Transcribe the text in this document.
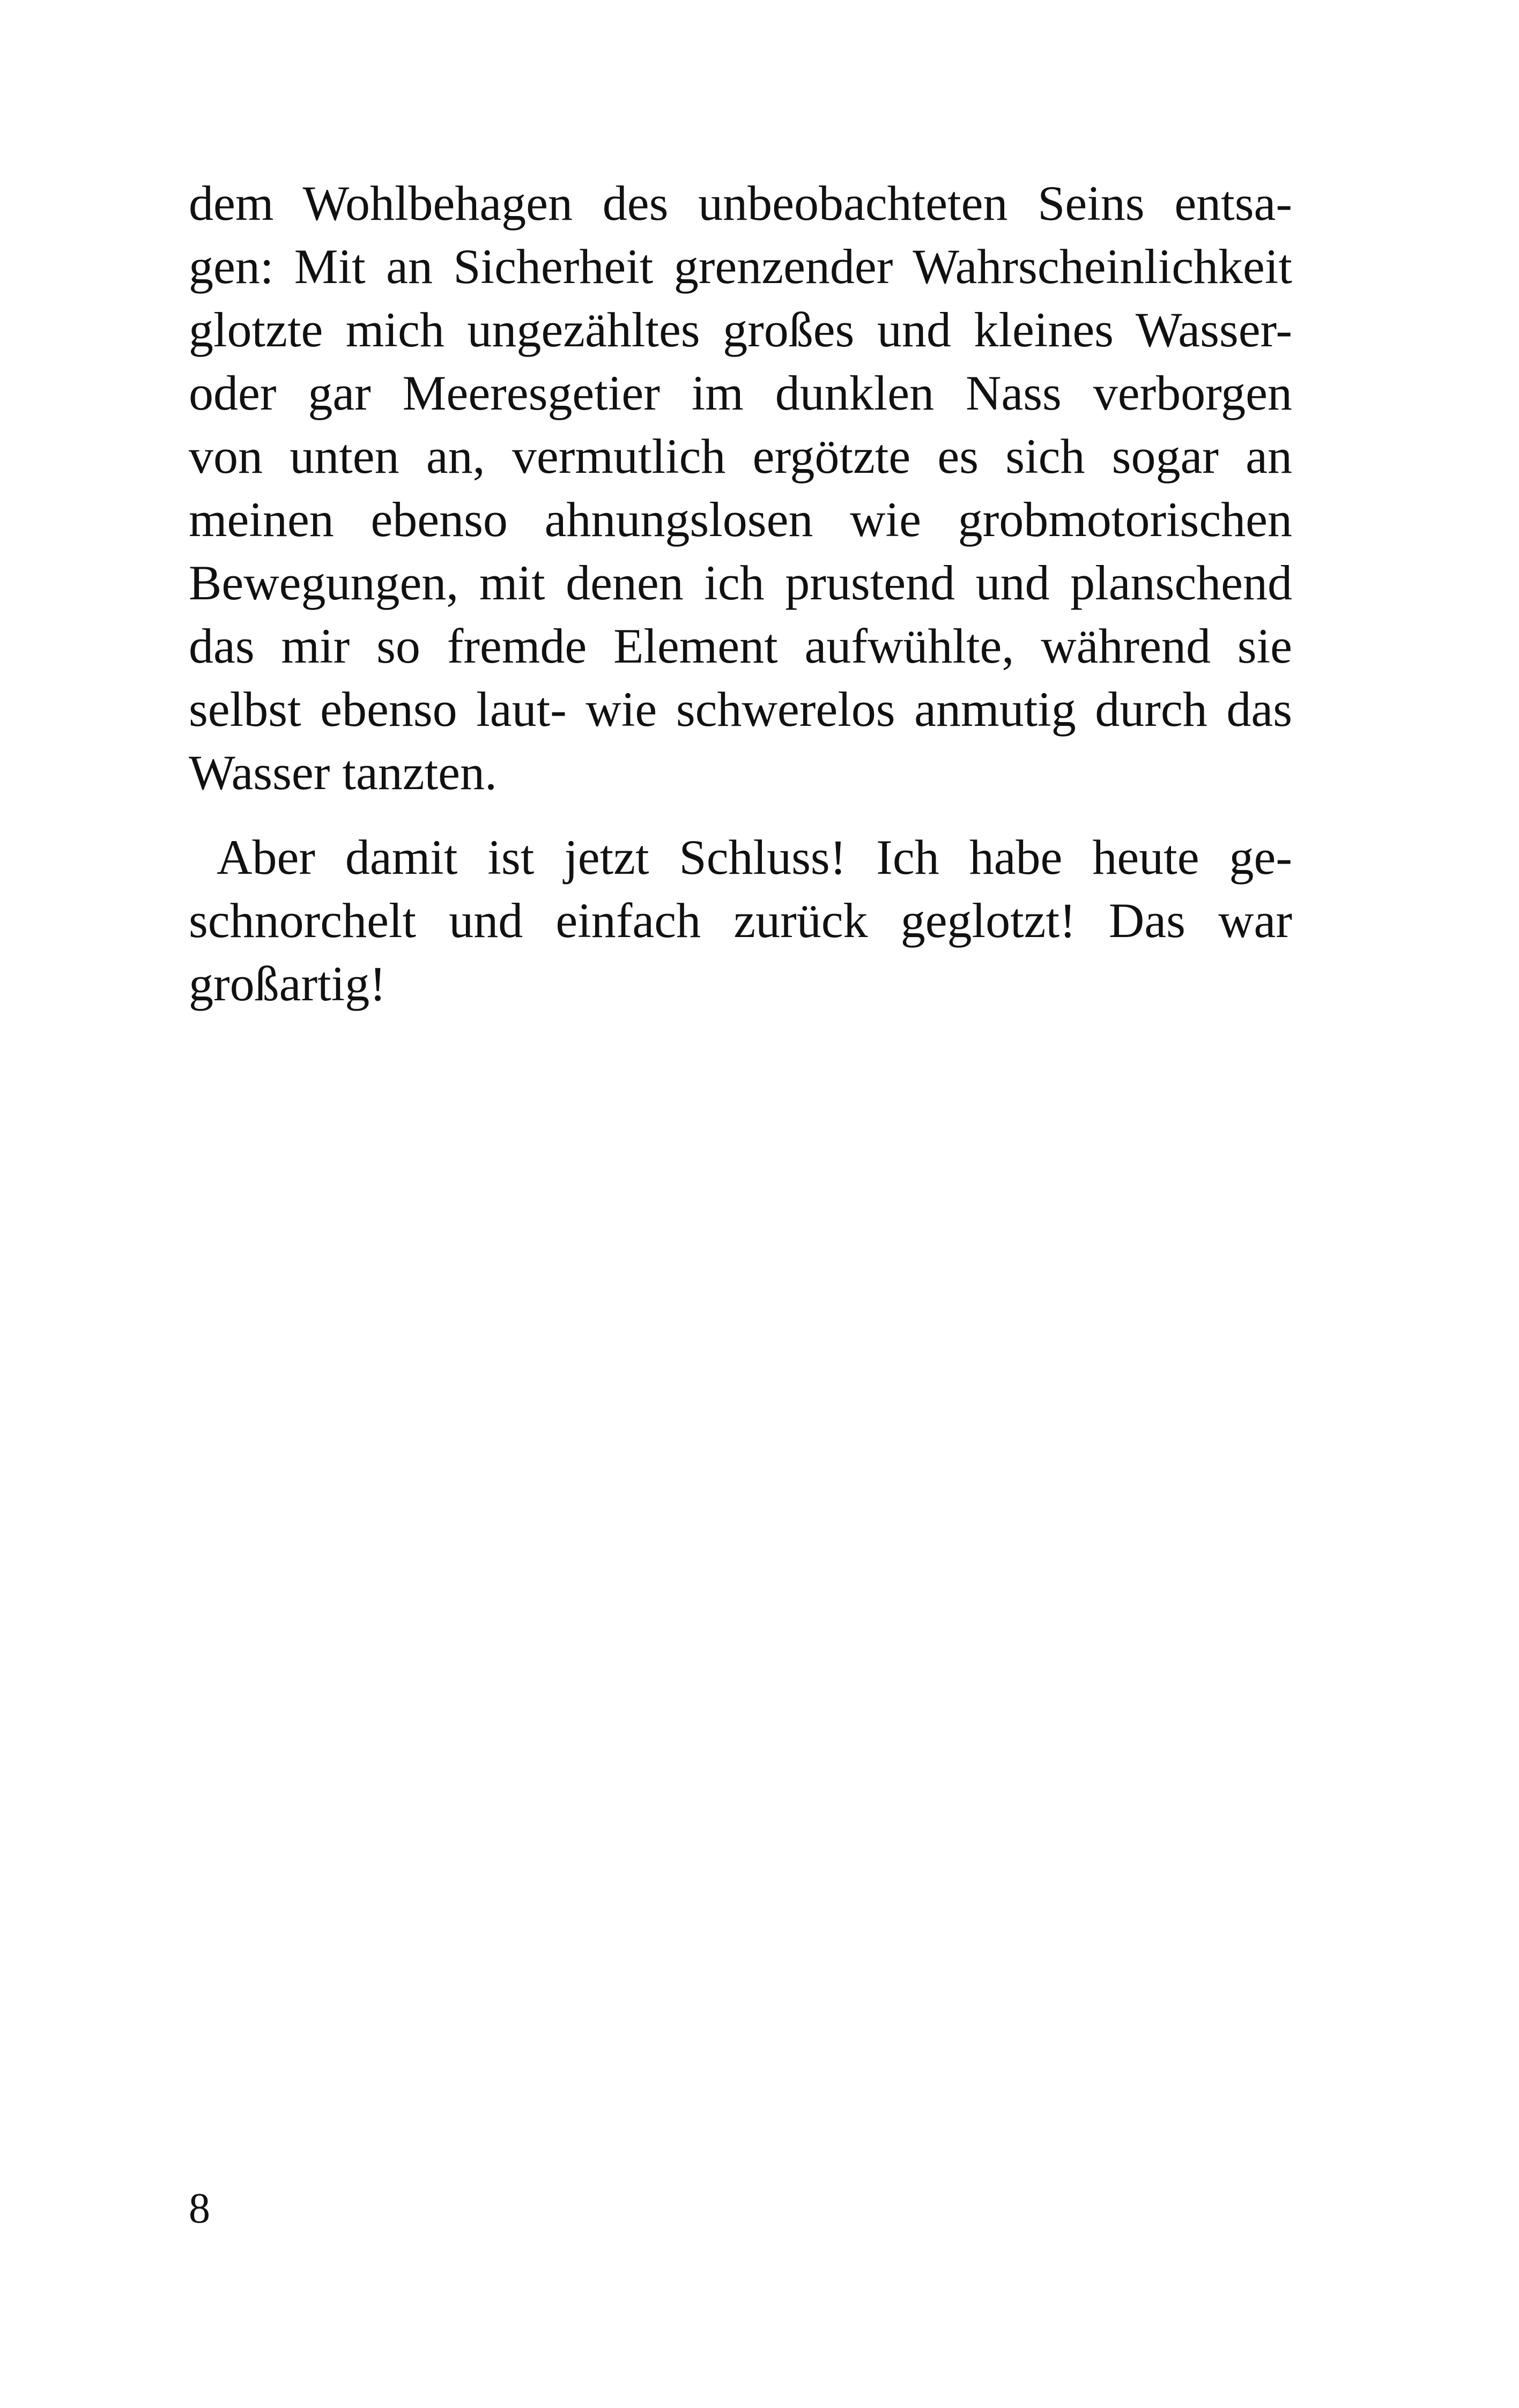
dem Wohlbehagen des unbeobachteten Seins entsa-
gen: Mit an Sicherheit grenzender Wahrscheinlichkeit
glotzte mich ungezähltes großes und kleines Wasser-
oder gar Meeresgetier im dunklen Nass verborgen
von unten an, vermutlich ergötzte es sich sogar an
meinen ebenso ahnungslosen wie grobmotorischen
Bewegungen, mit denen ich prustend und planschend
das mir so fremde Element aufwühlte, während sie
selbst ebenso laut- wie schwerelos anmutig durch das
Wasser tanzten.
Aber damit ist jetzt Schluss! Ich habe heute ge-
schnorchelt und einfach zurück geglotzt! Das war
großartig!
8
